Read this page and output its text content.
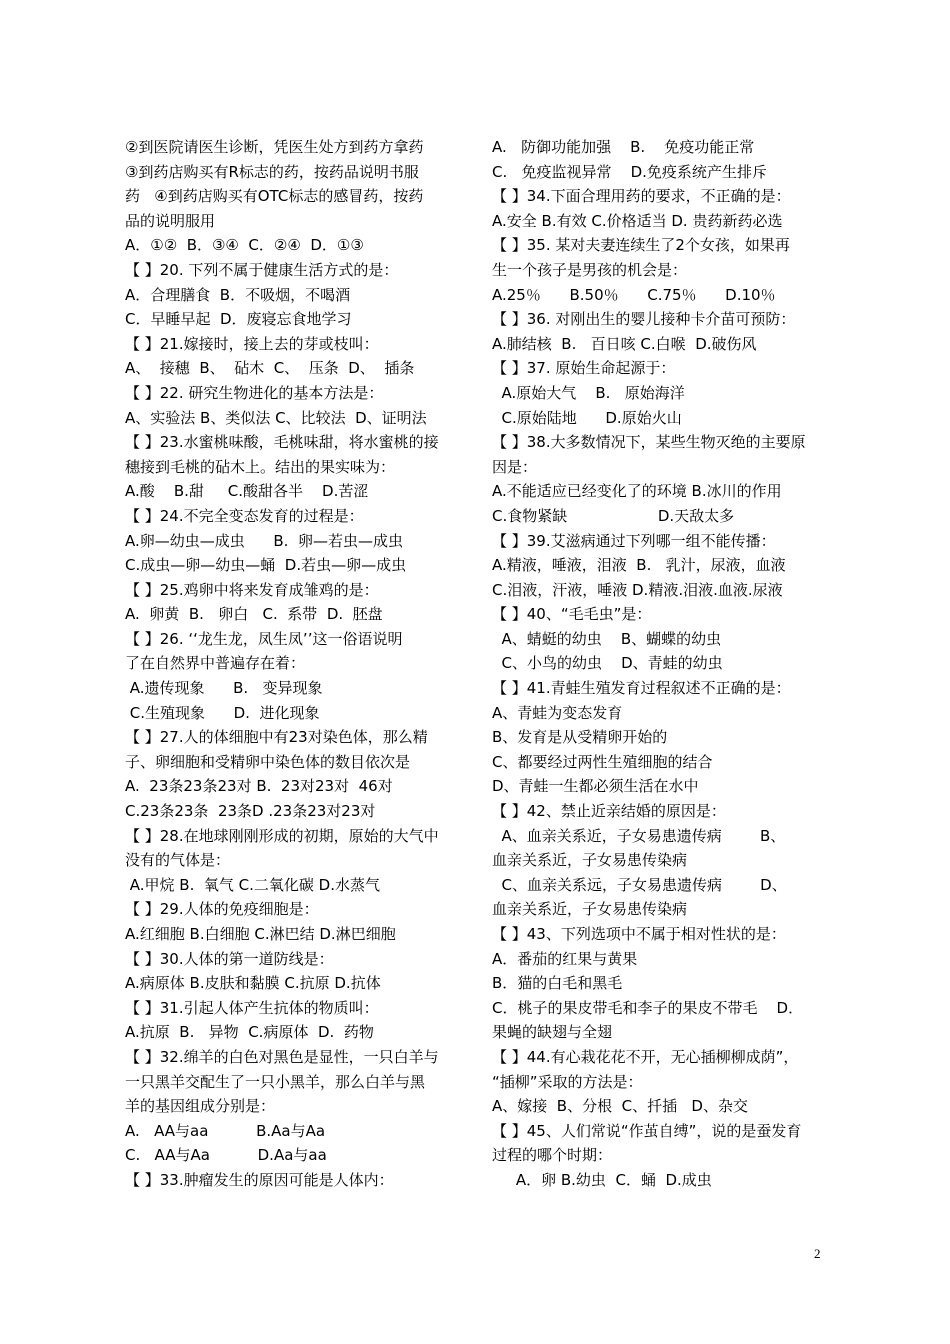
②到医院请医生诊断，凭医生处方到药方拿药
③到药店购买有R标志的药，按药品说明书服
药   ④到药店购买有OTC标志的感冒药，按药
品的说明服用
A．①②  B．③④  C．②④  D．①③
【 】20. 下列不属于健康生活方式的是：
A．合理膳食  B．不吸烟，不喝酒
C．早睡早起  D．废寝忘食地学习
【 】21.嫁接时，接上去的芽或枝叫：
A、  接穗  B、  砧木  C、  压条  D、  插条
【 】22. 研究生物进化的基本方法是：
A、实验法 B、类似法 C、比较法  D、证明法
【 】23.水蜜桃味酸，毛桃味甜，将水蜜桃的接
穗接到毛桃的砧木上。结出的果实味为：
A.酸    B.甜     C.酸甜各半    D.苦涩
【 】24.不完全变态发育的过程是：
A.卵—幼虫—成虫      B.  卵—若虫—成虫
C.成虫—卵—幼虫—蛹  D.若虫—卵—成虫
【 】25.鸡卵中将来发育成雏鸡的是：
A.  卵黄  B.   卵白   C.  系带  D.  胚盘
【 】26. ‘‘龙生龙，凤生凤’’这一俗语说明
了在自然界中普遍存在着：
A.遗传现象      B.   变异现象
C.生殖现象      D.  进化现象
【 】27.人的体细胞中有23对染色体，那么精
子、卵细胞和受精卵中染色体的数目依次是
A.  23条23条23对 B.  23对23对  46对
C.23条23条  23条D .23条23对23对
【 】28.在地球刚刚形成的初期，原始的大气中
没有的气体是：
A.甲烷 B.  氧气 C.二氧化碳 D.水蒸气
【 】29.人体的免疫细胞是：
A.红细胞 B.白细胞 C.淋巴结 D.淋巴细胞
【 】30.人体的第一道防线是：
A.病原体 B.皮肤和黏膜 C.抗原 D.抗体
【 】31.引起人体产生抗体的物质叫：
A.抗原  B.   异物  C.病原体  D.  药物
【 】32.绵羊的白色对黑色是显性，一只白羊与
一只黑羊交配生了一只小黑羊，那么白羊与黑
羊的基因组成分别是：
A.   AA与aa          B.Aa与Aa
C.   AA与Aa          D.Aa与aa
【 】33.肿瘤发生的原因可能是人体内：
A.   防御功能加强    B.    免疫功能正常
C.   免疫监视异常    D.免疫系统产生排斥
【 】34.下面合理用药的要求，不正确的是：
A.安全 B.有效 C.价格适当 D. 贵药新药必选
【 】35. 某对夫妻连续生了2个女孩，如果再
生一个孩子是男孩的机会是：
A.25％      B.50％      C.75％      D.10％
【 】36. 对刚出生的婴儿接种卡介苗可预防：
A.肺结核  B.   百日咳 C.白喉  D.破伤风
【 】37. 原始生命起源于：
A.原始大气    B.   原始海洋
C.原始陆地      D.原始火山
【 】38.大多数情况下，某些生物灭绝的主要原
因是：
A.不能适应已经变化了的环境 B.冰川的作用
C.食物紧缺                   D.天敌太多
【 】39.艾滋病通过下列哪一组不能传播：
A.精液，唾液，泪液  B.   乳汁，尿液，血液
C.泪液，汗液，唾液 D.精液.泪液.血液.尿液
【 】40、“毛毛虫”是：
A、蜻蜓的幼虫    B、蝴蝶的幼虫
C、小鸟的幼虫    D、青蛙的幼虫
【 】41.青蛙生殖发育过程叙述不正确的是：
A、青蛙为变态发育
B、发育是从受精卵开始的
C、都要经过两性生殖细胞的结合
D、青蛙一生都必须生活在水中
【 】42、禁止近亲结婚的原因是：
A、血亲关系近，子女易患遗传病        B、
血亲关系近，子女易患传染病
C、血亲关系远，子女易患遗传病        D、
血亲关系近，子女易患传染病
【 】43、下列选项中不属于相对性状的是：
A．番茄的红果与黄果
B．猫的白毛和黑毛
C．桃子的果皮带毛和李子的果皮不带毛    D．
果蝇的缺翅与全翅
【 】44.有心栽花花不开，无心插柳柳成荫”，
“插柳”采取的方法是：
A、嫁接  B、分根  C、扦插   D、杂交
【 】45、人们常说“作茧自缚”，说的是蚕发育
过程的哪个时期：
A．卵 B.幼虫  C．蛹  D.成虫
2
